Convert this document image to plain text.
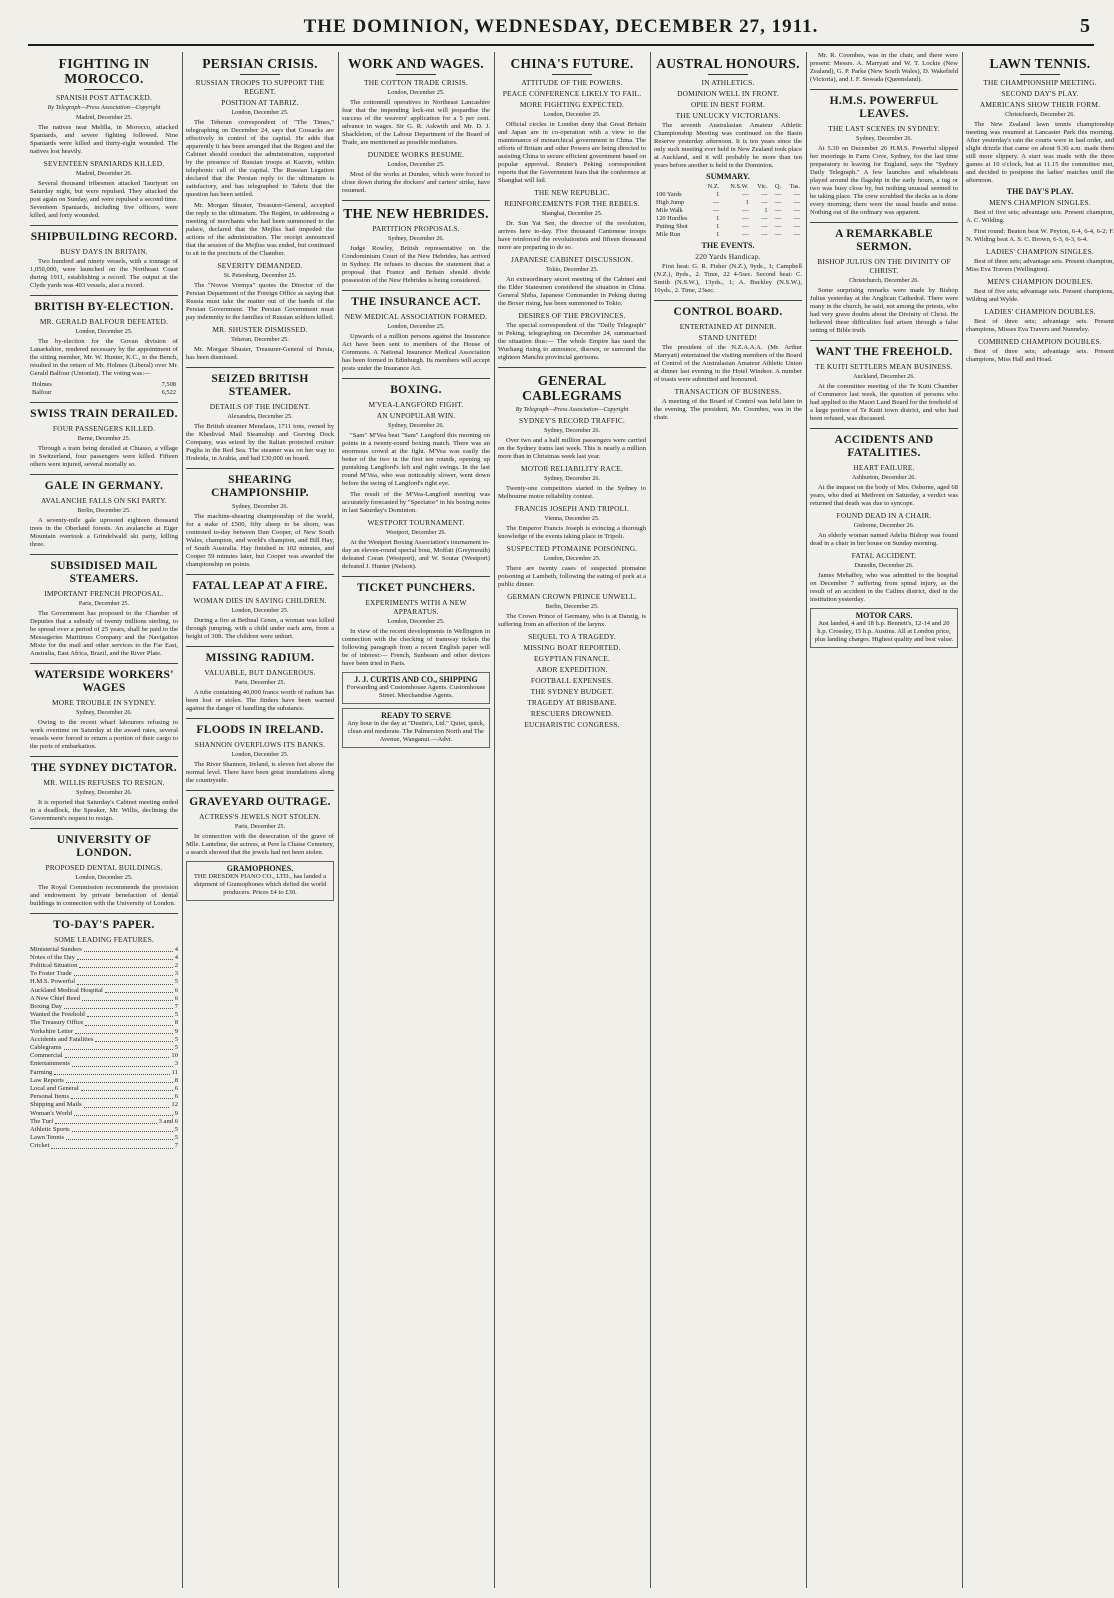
THE DOMINION, WEDNESDAY, DECEMBER 27, 1911.	5
FIGHTING IN MOROCCO.
SPANISH POST ATTACKED.
By Telegraph—Press Association—Copyright
Madrid, December 25.

The natives near Melilla, in Morocco, attacked Spaniards, and severe fighting followed. Nine Spaniards were killed and thirty-eight wounded. The natives lost heavily.

SEVENTEEN SPANIARDS KILLED.
Madrid, December 26.

Several thousand tribesmen attacked Tauriyurt on Saturday night, but were repulsed. They attacked the post again on Sunday, and were repulsed a second time. Seventeen Spaniards, including five officers, were killed, and forty wounded.

SHIPBUILDING RECORD.
BUSY DAYS IN BRITAIN.

Two hundred and ninety vessels, with a tonnage of 1,050,000, were launched on the Northeast Coast during 1911, establishing a record. The output at the Clyde yards was 403 vessels, also a record.

BRITISH BY-ELECTION.
MR. GERALD BALFOUR DEFEATED.
London, December 25.

The by-election for the Govan division of Lanarkshire, rendered necessary by the appointment of the sitting member, Mr. W. Hunter, K.C., to the Bench, resulted in the return of Mr. Holmes (Liberal) over Mr. Gerald Balfour (Unionist). The voting was:—

Holmes	7,508
Balfour	6,522
SWISS TRAIN DERAILED.
FOUR PASSENGERS KILLED.
Berne, December 25.

Through a train being derailed at Chiasso, a village in Switzerland, four passengers were killed. Fifteen others were injured, several mortally so.

GALE IN GERMANY.
AVALANCHE FALLS ON SKI PARTY.
Berlin, December 25.

A seventy-mile gale uprooted eighteen thousand trees in the Oberland forests. An avalanche at Eiger Mountain overtook a Grindelwald ski party, killing three.

SUBSIDISED MAIL STEAMERS.
IMPORTANT FRENCH PROPOSAL.
Paris, December 25.

The Government has proposed to the Chamber of Deputies that a subsidy of twenty millions sterling, to be spread over a period of 25 years, shall be paid to the Messageries Maritimes Company and the Navigation Mixte for the mail and other services to the Far East, Australia, East Africa, Brazil, and the River Plate.

WATERSIDE WORKERS' WAGES
MORE TROUBLE IN SYDNEY.
Sydney, December 26.

Owing to the recent wharf labourers refusing to work overtime on Saturday at the award rates, several vessels were forced to return a portion of their cargo to the ports of embarkation.

THE SYDNEY DICTATOR.
MR. WILLIS REFUSES TO RESIGN.
Sydney, December 26.

It is reported that Saturday's Cabinet meeting ended in a deadlock, the Speaker, Mr. Willis, declining the Government's request to resign.

UNIVERSITY OF LONDON.
PROPOSED DENTAL BUILDINGS.
London, December 25.

The Royal Commission recommends the provision and endowment by private benefaction of dental buildings in connection with the University of London.

TO-DAY'S PAPER.
SOME LEADING FEATURES.
Ministerial Sunders	4
Notes of the Day	4
Political Situation	2
To Foster Trade	3
H.M.S. Powerful	5
Auckland Medical Hospital	6
A New Chief Reed	6
Boxing Day	7
Wanted the Freehold	5
The Treasury Office	8
Yorkshire Letter	9
Accidents and Fatalities	5
Cablegrams	5
Commercial	10
Entertainments	3
Farming	11
Law Reports	8
Local and General	6
Personal Items	6
Shipping and Mails	12
Woman's World	9
The Turf	3 and 6
Athletic Sports	5
Lawn Tennis	5
Cricket	7
PERSIAN CRISIS.
RUSSIAN TROOPS TO SUPPORT THE REGENT.
POSITION AT TABRIZ.
London, December 25.

The Teheran correspondent of "The Times," telegraphing on December 24, says that Cossacks are effectively in control of the capital. He adds that apparently it has been arranged that the Regent and the Cabinet should conduct the administration, supported by the presence of Russian troops at Kazvin, within telephonic call of the capital. The Russian Legation declared that the Persian reply to the ultimatum is satisfactory, and has telegraphed to Tabriz that the question has been settled.

Mr. Morgan Shuster, Treasurer-General, accepted the reply to the ultimatum. The Regent, in addressing a meeting of merchants who had been summoned to the palace, declared that the Mejliss had impeded the actions of the administration. The receipt announced that the session of the Mejliss was ended, but continued to sit in the precincts of the Chamber.

SEVERITY DEMANDED.
St. Petersburg, December 25.

The "Novoe Vremya" quotes the Director of the Persian Department of the Foreign Office as saying that Russia must take the matter out of the hands of the Persian Government. The Persian Government must pay indemnity to the families of Russian soldiers killed.

MR. SHUSTER DISMISSED.
Teheran, December 25.

Mr. Morgan Shuster, Treasurer-General of Persia, has been dismissed.

SEIZED BRITISH STEAMER.
DETAILS OF THE INCIDENT.
Alexandria, December 25.

The British steamer Menelaus, 1711 tons, owned by the Khedivial Mail Steamship and Graving Dock Company, was seized by the Italian protected cruiser Puglia in the Red Sea. The steamer was on her way to Hodeida, in Arabia, and had £30,000 on board.

SHEARING CHAMPIONSHIP.
Sydney, December 26.

The machine-shearing championship of the world, for a stake of £500, fifty sheep to be shorn, was contested to-day between Dan Cooper, of New South Wales, champion, and world's champion, and Bill Hay, of South Australia. Hay finished in 102 minutes, and Cooper 59 minutes later, but Cooper was awarded the championship on points.

FATAL LEAP AT A FIRE.
WOMAN DIES IN SAVING CHILDREN.
London, December 25.

During a fire at Bethnal Green, a woman was killed through jumping, with a child under each arm, from a height of 30ft. The children were unhurt.

MISSING RADIUM.
VALUABLE, BUT DANGEROUS.
Paris, December 25.

A tube containing 40,000 francs worth of radium has been lost or stolen. The finders have been warned against the danger of handling the substance.

FLOODS IN IRELAND.
SHANNON OVERFLOWS ITS BANKS.
London, December 25.

The River Shannon, Ireland, is eleven feet above the normal level. There have been great inundations along the countryside.

GRAVEYARD OUTRAGE.
ACTRESS'S JEWELS NOT STOLEN.
Paris, December 25.

In connection with the desecration of the grave of Mlle. Lantelme, the actress, at Pere la Chaise Cemetery, a search showed that the jewels had not been stolen.

GRAMOPHONES.
THE DRESDEN PIANO CO., LTD., has landed a shipment of Gramophones which defied the world producers. Prices £4 to £30.
WORK AND WAGES.
THE COTTON TRADE CRISIS.
London, December 25.

The cottonmill operatives in Northeast Lancashire fear that the impending lock-out will jeopardise the success of the weavers' application for a 5 per cent. advance in wages. Sir G. R. Askwith and Mr. D. J. Shackleton, of the Labour Department of the Board of Trade, are mentioned as possible mediators.

DUNDEE WORKS RESUME.
London, December 25.

Most of the works at Dundee, which were forced to close down during the dockers' and carters' strike, have resumed.

THE NEW HEBRIDES.
PARTITION PROPOSALS.
Sydney, December 26.

Judge Rowley, British representative on the Condominium Court of the New Hebrides, has arrived in Sydney. He refuses to discuss the statement that a proposal that France and Britain should divide possession of the New Hebrides is being considered.

THE INSURANCE ACT.
NEW MEDICAL ASSOCIATION FORMED.
London, December 25.

Upwards of a million persons against the Insurance Act have been sent to members of the House of Commons. A National Insurance Medical Association has been formed in Edinburgh. Its members will accept posts under the Insurance Act.

BOXING.
M'VEA-LANGFORD FIGHT.
AN UNPOPULAR WIN.
Sydney, December 26.

"Sam" M'Vea beat "Sam" Langford this morning on points in a twenty-round boxing match. There was an enormous crowd at the fight. M'Vea was easily the better of the two in the first ten rounds, opening up punishing Langford's left and right swings. In the last round M'Vea, who was noticeably slower, went down before the swing of Langford's right eye.

The result of the M'Vea-Langford meeting was accurately forecasted by "Spectator" in his boxing notes in last Saturday's Dominion.

WESTPORT TOURNAMENT.
Westport, December 26.

At the Westport Boxing Association's tournament to-day an eleven-round special bout, Moffatt (Greymouth) defeated Coran (Westport), and W. Soutar (Westport) defeated J. Hunter (Nelson).

TICKET PUNCHERS.
EXPERIMENTS WITH A NEW APPARATUS.
London, December 25.

In view of the recent developments in Wellington in connection with the checking of tramway tickets the following paragraph from a recent English paper will be of interest:— French, Sunbeam and other devices have been tried in Paris.

J. J. CURTIS AND CO., SHIPPING
Forwarding and Customhouse Agents. Customhouse Street. Merchandise Agents.
READY TO SERVE
Any hour in the day at "Dustin's, Ltd." Quiet, quick, clean and moderate. The Palmerston North and The Avenue, Wanganui.—Advt.
CHINA'S FUTURE.
ATTITUDE OF THE POWERS.
PEACE CONFERENCE LIKELY TO FAIL.
MORE FIGHTING EXPECTED.
London, December 25.

Official circles in London deny that Great Britain and Japan are in co-operation with a view to the maintenance of monarchical government in China. The efforts of Britain and other Powers are being directed to assisting China to secure efficient government based on popular approval. Reuter's Peking correspondent reports that the Government fears that the conference at Shanghai will fail.

THE NEW REPUBLIC.
REINFORCEMENTS FOR THE REBELS.
Shanghai, December 25.

Dr. Sun Yat Sen, the director of the revolution, arrives here to-day. Five thousand Cantonese troops have reinforced the revolutionists and fifteen thousand more are preparing to do so.

JAPANESE CABINET DISCUSSION.
Tokio, December 25.

An extraordinary secret meeting of the Cabinet and the Elder Statesmen considered the situation in China. General Shiba, Japanese Commander in Peking during the Boxer rising, has been summoned to Tokio.

DESIRES OF THE PROVINCES.

The special correspondent of the "Daily Telegraph" in Peking, telegraphing on December 24, summarised the situation thus:— The whole Empire has used the Wuchang rising to announce, disown, or surround the eighteen Manchu provincial garrisons.

GENERAL CABLEGRAMS
By Telegraph—Press Association—Copyright
SYDNEY'S RECORD TRAFFIC.
Sydney, December 26.

Over two and a half million passengers were carried on the Sydney trams last week. This is nearly a million more than in Christmas week last year.

MOTOR RELIABILITY RACE.
Sydney, December 26.

Twenty-one competitors started in the Sydney to Melbourne motor reliability contest.

FRANCIS JOSEPH AND TRIPOLI.
Vienna, December 25.

The Emperor Francis Joseph is evincing a thorough knowledge of the events taking place in Tripoli.

SUSPECTED PTOMAINE POISONING.
London, December 25.

There are twenty cases of suspected ptomaine poisoning at Lambeth, following the eating of pork at a public dinner.

GERMAN CROWN PRINCE UNWELL.
Berlin, December 25.

The Crown Prince of Germany, who is at Danzig, is suffering from an affection of the larynx.

SEQUEL TO A TRAGEDY.
MISSING BOAT REPORTED.
EGYPTIAN FINANCE.
ABOR EXPEDITION.
FOOTBALL EXPENSES.
THE SYDNEY BUDGET.
TRAGEDY AT BRISBANE.
RESCUERS DROWNED.
EUCHARISTIC CONGRESS.
AUSTRAL HONOURS.
IN ATHLETICS.
DOMINION WELL IN FRONT.
OPIE IN BEST FORM.
THE UNLUCKY VICTORIANS.

The seventh Australasian Amateur Athletic Championship Meeting was continued on the Basin Reserve yesterday afternoon. It is ten years since the only such meeting ever held in New Zealand took place at Auckland, and it will probably be more than ten years before another is held in the Dominion.

SUMMARY.
	N.Z.	N.S.W.	Vic.	Q.	Tas.
100 Yards	1	—	—	—	—
High Jump	—	1	—	—	—
Mile Walk	—	—	1	—	—
120 Hurdles	1	—	—	—	—
Putting Shot	1	—	—	—	—
Mile Run	1	—	—	—	—
THE EVENTS.
220 Yards Handicap.

First heat: G. R. Fisher (N.Z.), 9yds., 1; Campbell (N.Z.), 8yds., 2. Time, 22 4-5sec. Second heat: C. Smith (N.S.W.), 13yds., 1; A. Buckley (N.S.W.), 10yds., 2. Time, 23sec.

CONTROL BOARD.
ENTERTAINED AT DINNER.
STAND UNITED!

The president of the N.Z.A.A.A. (Mr. Arthur Marryatt) entertained the visiting members of the Board of Control of the Australasian Amateur Athletic Union at dinner last evening in the Hotel Windsor. A number of toasts were submitted and honoured.

TRANSACTION OF BUSINESS.

A meeting of the Board of Control was held later in the evening. The president, Mr. Coombes, was in the chair.

Mr. R. Coombes, was in the chair, and there were present: Messrs. A. Marryatt and W. T. Lockie (New Zealand), G. P. Parke (New South Wales), D. Wakefield (Victoria), and J. F. Sowada (Queensland).

H.M.S. POWERFUL LEAVES.
THE LAST SCENES IN SYDNEY.
Sydney, December 26.

At 5.30 on December 26 H.M.S. Powerful slipped her moorings in Farm Cove, Sydney, for the last time preparatory to leaving for England, says the "Sydney Daily Telegraph." A few launches and whaleboats played around the flagship in the early hours, a tug or two was busy close by, but nothing unusual seemed to be taking place. The crew scrubbed the decks as is done every morning; there were the usual bustle and noise. Nothing out of the ordinary was apparent.

A REMARKABLE SERMON.
BISHOP JULIUS ON THE DIVINITY OF CHRIST.
Christchurch, December 26.

Some surprising remarks were made by Bishop Julius yesterday at the Anglican Cathedral. There were many in the church, he said, not among the priests, who had very grave doubts about the Divinity of Christ. He believed these difficulties had arisen through a false setting of Bible truth.

WANT THE FREEHOLD.
TE KUITI SETTLERS MEAN BUSINESS.
Auckland, December 26.

At the committee meeting of the Te Kuiti Chamber of Commerce last week, the question of persons who had applied to the Maori Land Board for the freehold of a large portion of Te Kuiti town district, and who had been refused, was discussed.

ACCIDENTS AND FATALITIES.
HEART FAILURE.
Ashburton, December 26.

At the inquest on the body of Mrs. Osborne, aged 68 years, who died at Methven on Saturday, a verdict was returned that death was due to syncope.

FOUND DEAD IN A CHAIR.
Gisborne, December 26.

An elderly woman named Adelia Bishop was found dead in a chair in her house on Sunday morning.

FATAL ACCIDENT.
Dunedin, December 26.

James Mehaffey, who was admitted to the hospital on December 7 suffering from spinal injury, as the result of an accident in the Catlins district, died in the institution yesterday.

MOTOR CARS.
Just landed, 4 and 18 h.p. Bennett's, 12-14 and 20 h.p. Crossley, 15 h.p. Austins. All at London price, plus landing charges. Highest quality and best value.
LAWN TENNIS.
THE CHAMPIONSHIP MEETING.
SECOND DAY'S PLAY.
AMERICANS SHOW THEIR FORM.
Christchurch, December 26.

The New Zealand lawn tennis championship meeting was resumed at Lancaster Park this morning. After yesterday's rain the courts were in bad order, and slight drizzle that came on about 9.30 a.m. made them still more slippery. A start was made with the three games at 10 o'clock, but at 11.15 the committee met, and decided to postpone the ladies' matches until the afternoon.

THE DAY'S PLAY.
MEN'S CHAMPION SINGLES.

Best of five sets; advantage sets. Present champion, A. C. Wilding.

First round: Beaton beat W. Peyton, 6-4, 6-4, 6-2; F. N. Wilding beat A. S. C. Brown, 6-3, 6-3, 6-4.

LADIES' CHAMPION SINGLES.

Best of three sets; advantage sets. Present champion, Miss Eva Travers (Wellington).

MEN'S CHAMPION DOUBLES.

Best of five sets; advantage sets. Present champions, Wilding and Wylde.

LADIES' CHAMPION DOUBLES.

Best of three sets; advantage sets. Present champions, Misses Eva Travers and Nunneley.

COMBINED CHAMPION DOUBLES.

Best of three sets; advantage sets. Present champions, Miss Hall and Hoad.
